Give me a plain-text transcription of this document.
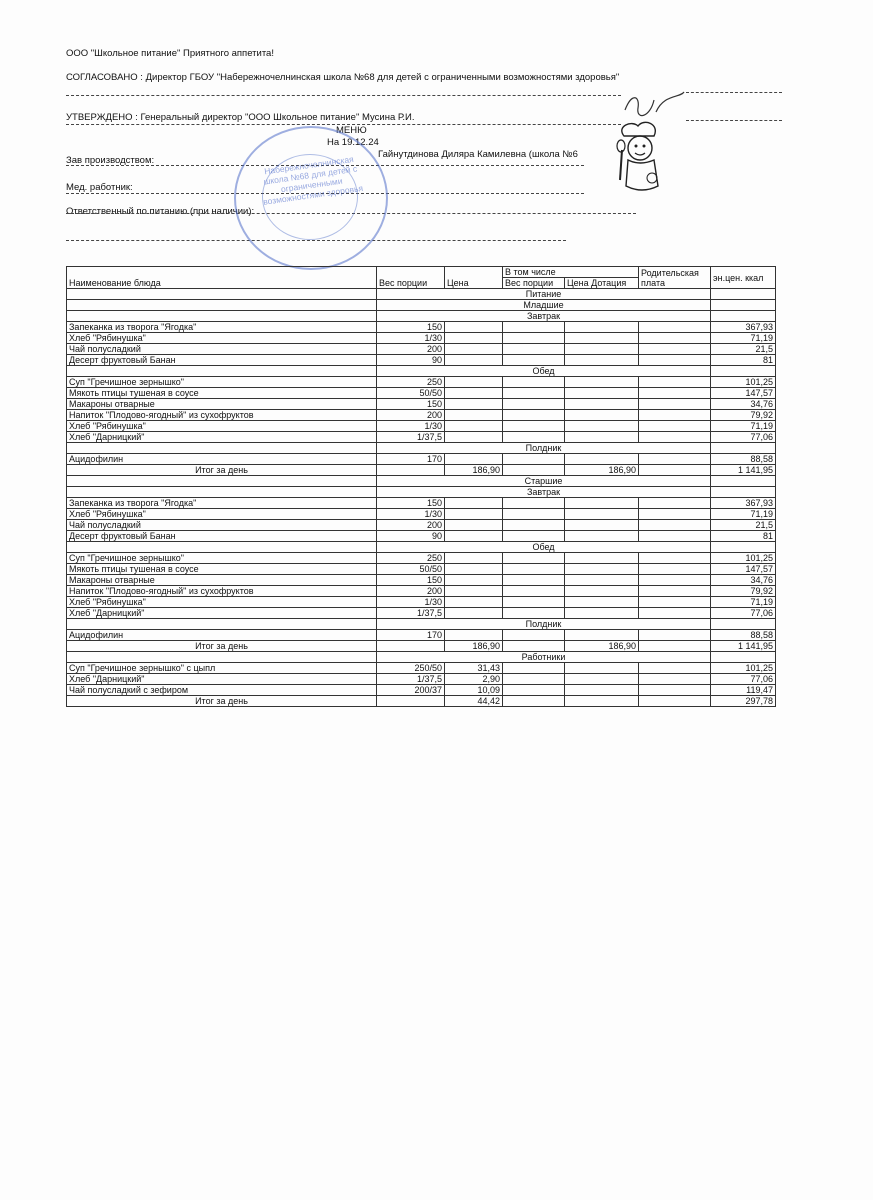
ООО "Школьное питание" Приятного аппетита!
СОГЛАСОВАНО : Директор ГБОУ "Набережночелнинская школа №68 для детей с ограниченными возможностями здоровья"
УТВЕРЖДЕНО : Генеральный директор "ООО Школьное питание" Мусина Р.И.
МЕНЮ
На 19.12.24
Зав производством:
Гайнутдинова Диляра Камилевна (школа №6
Мед. работник:
Ответственный по питанию (при наличии):
Набережночелнинская школа №68 для детей с ограниченными возможностями здоровья
Наименование блюда	Вес порции	Цена	В том числе		Родительская плата	эн.цен. ккал
			Вес порции	Цена Дотация		
	Питание					
	Младшие					
	Завтрак					
Запеканка из творога "Ягодка"	150					367,93
Хлеб "Рябинушка"	1/30					71,19
Чай полусладкий	200					21,5
Десерт фруктовый Банан	90					81
	Обед					
Суп "Гречишное зернышко"	250					101,25
Мякоть птицы тушеная в соусе	50/50					147,57
Макароны отварные	150					34,76
Напиток "Плодово-ягодный" из сухофруктов	200					79,92
Хлеб "Рябинушка"	1/30					71,19
Хлеб "Дарницкий"	1/37,5					77,06
	Полдник					
Ацидофилин	170					88,58
Итог за день		186,90		186,90		1 141,95
	Старшие					
	Завтрак					
Запеканка из творога "Ягодка"	150					367,93
Хлеб "Рябинушка"	1/30					71,19
Чай полусладкий	200					21,5
Десерт фруктовый Банан	90					81
	Обед					
Суп "Гречишное зернышко"	250					101,25
Мякоть птицы тушеная в соусе	50/50					147,57
Макароны отварные	150					34,76
Напиток "Плодово-ягодный" из сухофруктов	200					79,92
Хлеб "Рябинушка"	1/30					71,19
Хлеб "Дарницкий"	1/37,5					77,06
	Полдник					
Ацидофилин	170					88,58
Итог за день		186,90		186,90		1 141,95
	Работники					
Суп "Гречишное зернышко" с цыпл	250/50	31,43				101,25
Хлеб "Дарницкий"	1/37,5	2,90				77,06
Чай полусладкий с зефиром	200/37	10,09				119,47
Итог за день		44,42				297,78
